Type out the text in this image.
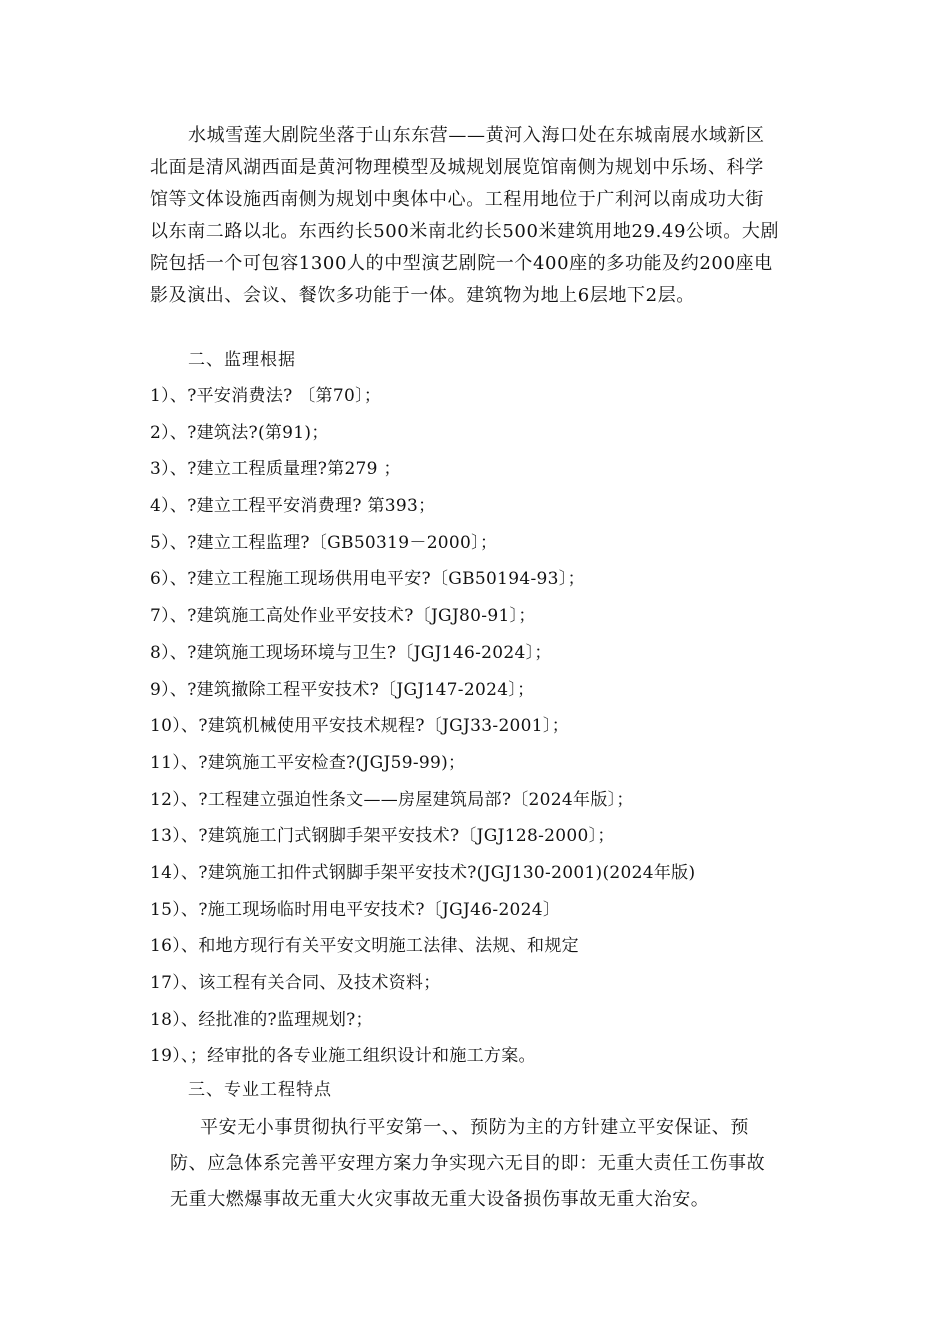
水城雪莲大剧院坐落于山东东营——黄河入海口处在东城南展水域新区
北面是清风湖西面是黄河物理模型及城规划展览馆南侧为规划中乐场、科学
馆等文体设施西南侧为规划中奥体中心。工程用地位于广利河以南成功大街
以东南二路以北。东西约长500米南北约长500米建筑用地29.49公顷。大剧
院包括一个可包容1300人的中型演艺剧院一个400座的多功能及约200座电
影及演出、会议、餐饮多功能于一体。建筑物为地上6层地下2层。
二、监理根据
1）、?平安消费法? 〔第70〕；
2）、?建筑法?(第91)；
3）、?建立工程质量理?第279 ；
4）、?建立工程平安消费理? 第393；
5）、?建立工程监理?〔GB50319－2000〕；
6）、?建立工程施工现场供用电平安?〔GB50194-93〕；
7）、?建筑施工高处作业平安技术?〔JGJ80-91〕；
8）、?建筑施工现场环境与卫生?〔JGJ146-2024〕；
9）、?建筑撤除工程平安技术?〔JGJ147-2024〕；
10）、?建筑机械使用平安技术规程?〔JGJ33-2001〕；
11）、?建筑施工平安检查?(JGJ59-99)；
12）、?工程建立强迫性条文——房屋建筑局部?〔2024年版〕；
13）、?建筑施工门式钢脚手架平安技术?〔JGJ128-2000〕；
14）、?建筑施工扣件式钢脚手架平安技术?(JGJ130-2001)(2024年版)
15）、?施工现场临时用电平安技术?〔JGJ46-2024〕
16）、和地方现行有关平安文明施工法律、法规、和规定
17）、该工程有关合同、及技术资料；
18）、经批准的?监理规划?；
19）、；经审批的各专业施工组织设计和施工方案。
三、专业工程特点
平安无小事贯彻执行平安第一、、预防为主的方针建立平安保证、预
防、应急体系完善平安理方案力争实现六无目的即：无重大责任工伤事故
无重大燃爆事故无重大火灾事故无重大设备损伤事故无重大治安。
